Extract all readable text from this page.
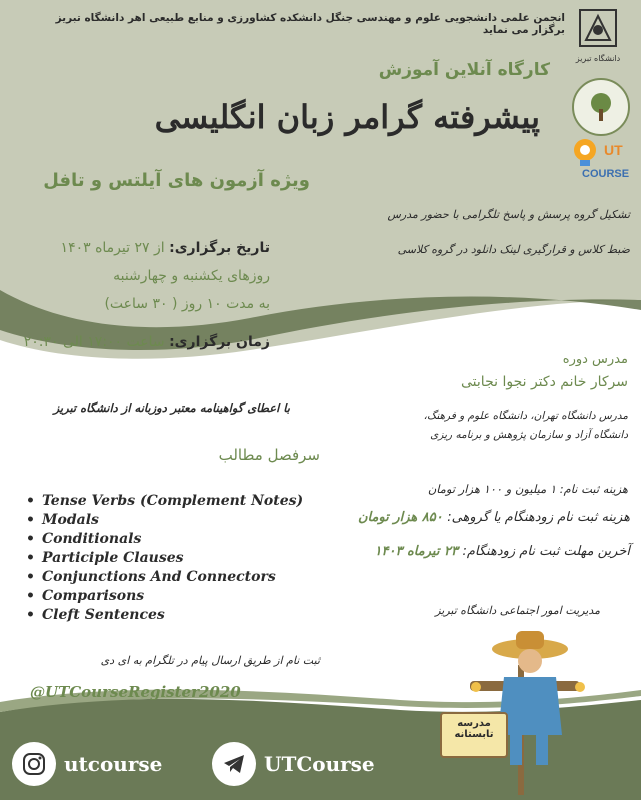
انجمن علمی دانشجویی علوم و مهندسی جنگل دانشکده کشاورزی و منابع طبیعی اهر دانشگاه تبریز برگزار می نماید
دانشگاه تبریز
UT
COURSE
کارگاه آنلاین آموزش
پیشرفته گرامر زبان انگلیسی
ویژه آزمون های آیلتس و تافل
تشکیل گروه پرسش و پاسخ تلگرامی با حضور مدرس
ضبط کلاس و قرارگیری لینک دانلود در گروه کلاسی
تاریخ برگزاری: از ۲۷ تیرماه ۱۴۰۳
روزهای یکشنبه و چهارشنبه
به مدت ۱۰ روز ( ۳۰ ساعت)
زمان برگزاری: ساعت ۱۷:۰۰ الی ۲۰:۳۰
با اعطای گواهینامه معتبر دوزبانه از دانشگاه تبریز
مدرس دوره
سرکار خانم دکتر نجوا نجابتی
مدرس دانشگاه تهران، دانشگاه علوم و فرهنگ،
دانشگاه آزاد و سازمان پژوهش و برنامه ریزی
سرفصل مطالب
• Tense Verbs (Complement Notes)
• Modals
• Conditionals
• Participle Clauses
• Conjunctions And Connectors
• Comparisons
• Cleft Sentences
هزینه ثبت نام: ۱ میلیون و ۱۰۰ هزار تومان
هزینه ثبت نام زودهنگام یا گروهی: ۸۵۰ هزار تومان
آخرین مهلت ثبت نام زودهنگام: ۲۳ تیرماه ۱۴۰۳
مدیریت امور اجتماعی دانشگاه تبریز
ثبت نام از طریق ارسال پیام در تلگرام به ای دی
@UTCourseRegister2020
مدرسه
تابستانه
utcourse	UTCourse
